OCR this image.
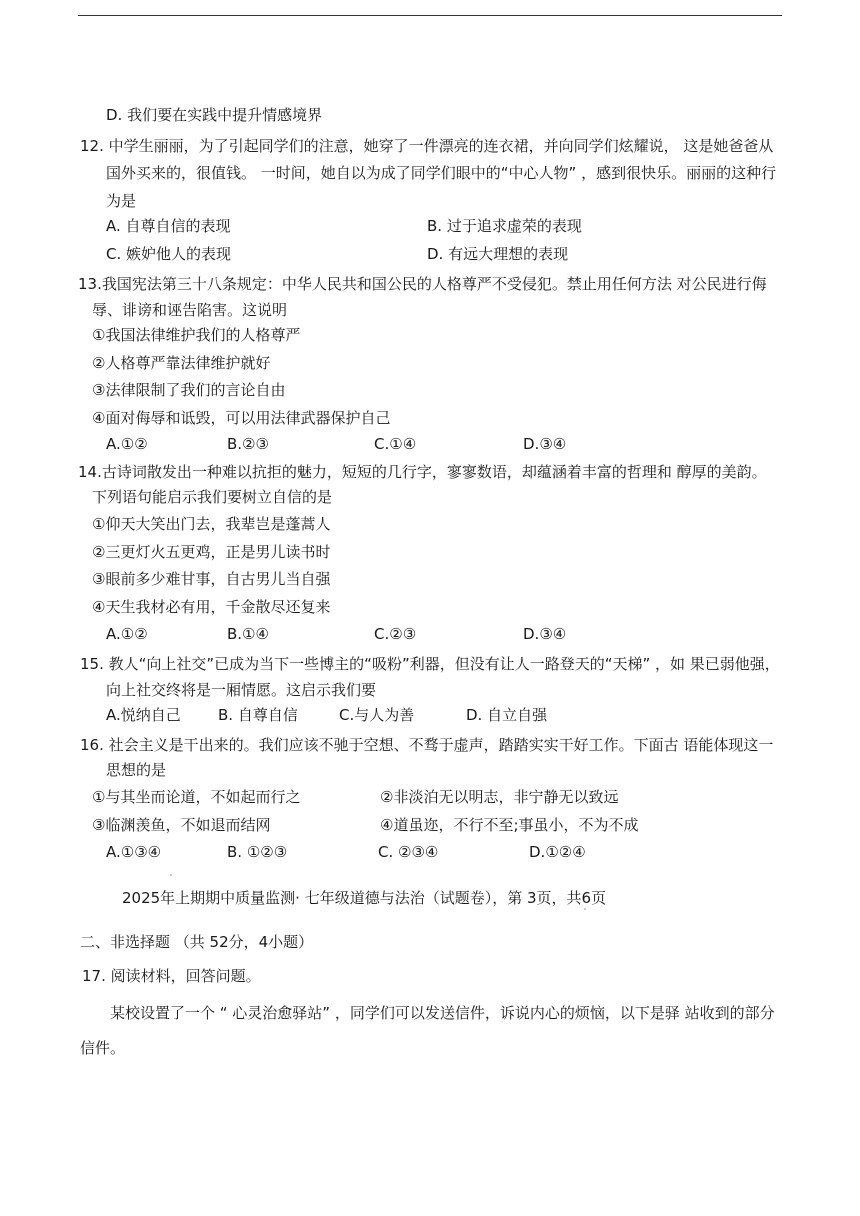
D. 我们要在实践中提升情感境界
12. 中学生丽丽，为了引起同学们的注意，她穿了一件漂亮的连衣裙，并向同学们炫耀说， 这是她爸爸从
国外买来的，很值钱。 一时间，她自以为成了同学们眼中的“中心人物” ，感到很快乐。丽丽的这种行
为是
A. 自尊自信的表现	B. 过于追求虚荣的表现
C. 嫉妒他人的表现	D. 有远大理想的表现
13.我国宪法第三十八条规定：中华人民共和国公民的人格尊严不受侵犯。禁止用任何方法 对公民进行侮
辱、诽谤和诬告陷害。这说明
①我国法律维护我们的人格尊严
②人格尊严靠法律维护就好
③法律限制了我们的言论自由
④面对侮辱和诋毁，可以用法律武器保护自己
A.①②	B.②③	C.①④	D.③④
14.古诗词散发出一种难以抗拒的魅力，短短的几行字，寥寥数语，却蕴涵着丰富的哲理和 醇厚的美韵。
下列语句能启示我们要树立自信的是
①仰天大笑出门去，我辈岂是蓬蒿人
②三更灯火五更鸡，正是男儿读书时
③眼前多少难甘事，自古男儿当自强
④天生我材必有用，千金散尽还复来
A.①②	B.①④	C.②③	D.③④
15. 教人“向上社交”已成为当下一些博主的“吸粉”利器，但没有让人一路登天的“天梯” ，如 果已弱他强，
向上社交终将是一厢情愿。这启示我们要
A.悦纳自己 B. 自尊自信	C.与人为善	D. 自立自强
16. 社会主义是干出来的。我们应该不驰于空想、不骛于虚声，踏踏实实干好工作。下面古 语能体现这一
思想的是
①与其坐而论道，不如起而行之	②非淡泊无以明志，非宁静无以致远
③临渊羡鱼，不如退而结网	④道虽迩，不行不至;事虽小，不为不成
A.①③④	B. ①②③	C. ②③④	D.①②④
2025年上期期中质量监测· 七年级道德与法治（试题卷），第 3页，共6页
二、非选择题 （共 52分，4小题）
17. 阅读材料，回答问题。
某校设置了一个 “ 心灵治愈驿站” ，同学们可以发送信件，诉说内心的烦恼，以下是驿 站收到的部分
信件。
